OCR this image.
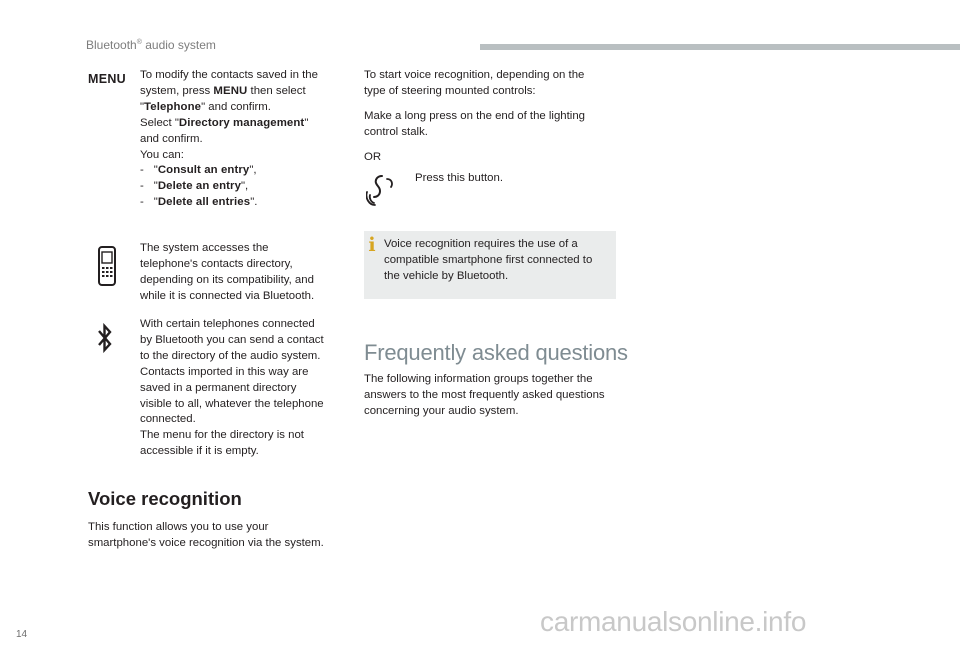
Bluetooth® audio system
MENU To modify the contacts saved in the
system, press MENU then select
"Telephone" and confirm.
Select "Directory management"
and confirm.
You can:
- "Consult an entry",
- "Delete an entry",
- "Delete all entries".
The system accesses the
telephone's contacts directory,
depending on its compatibility, and
while it is connected via Bluetooth.
With certain telephones connected
by Bluetooth you can send a contact
to the directory of the audio system.
Contacts imported in this way are
saved in a permanent directory
visible to all, whatever the telephone
connected.
The menu for the directory is not
accessible if it is empty.
Voice recognition
This function allows you to use your
smartphone's voice recognition via the system.
To start voice recognition, depending on the
type of steering mounted controls:
Make a long press on the end of the lighting
control stalk.
OR
Press this button.
i Voice recognition requires the use of a
compatible smartphone first connected to
the vehicle by Bluetooth.
Frequently asked questions
The following information groups together the
answers to the most frequently asked questions
concerning your audio system.
14	carmanualsonline.info
